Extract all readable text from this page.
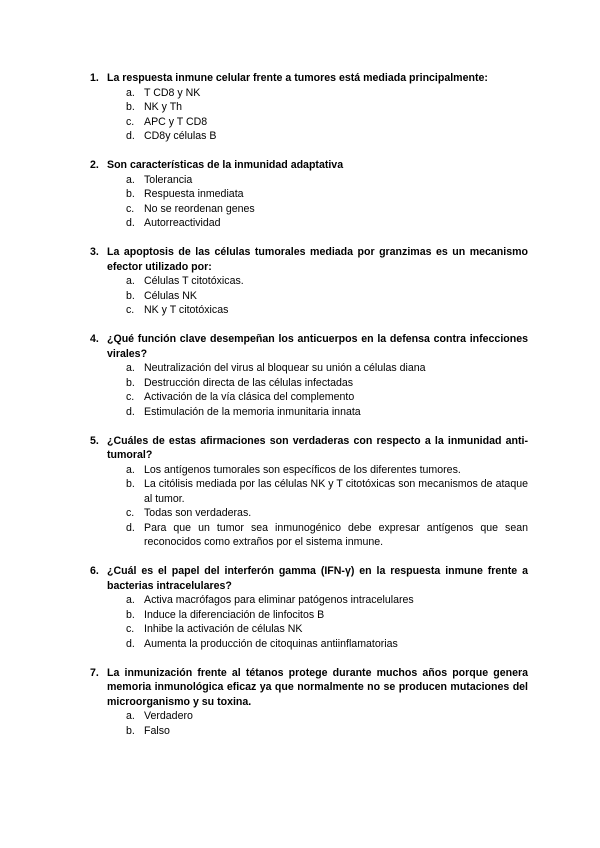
1. La respuesta inmune celular frente a tumores está mediada principalmente:
a. T CD8 y NK
b. NK y Th
c. APC y T CD8
d. CD8y células B
2. Son características de la inmunidad adaptativa
a. Tolerancia
b. Respuesta inmediata
c. No se reordenan genes
d. Autorreactividad
3. La apoptosis de las células tumorales mediada por granzimas es un mecanismo efector utilizado por:
a. Células T citotóxicas.
b. Células NK
c. NK y T citotóxicas
4. ¿Qué función clave desempeñan los anticuerpos en la defensa contra infecciones virales?
a. Neutralización del virus al bloquear su unión a células diana
b. Destrucción directa de las células infectadas
c. Activación de la vía clásica del complemento
d. Estimulación de la memoria inmunitaria innata
5. ¿Cuáles de estas afirmaciones son verdaderas con respecto a la inmunidad anti-tumoral?
a. Los antígenos tumorales son específicos de los diferentes tumores.
b. La citólisis mediada por las células NK y T citotóxicas son mecanismos de ataque al tumor.
c. Todas son verdaderas.
d. Para que un tumor sea inmunogénico debe expresar antígenos que sean reconocidos como extraños por el sistema inmune.
6. ¿Cuál es el papel del interferón gamma (IFN-γ) en la respuesta inmune frente a bacterias intracelulares?
a. Activa macrófagos para eliminar patógenos intracelulares
b. Induce la diferenciación de linfocitos B
c. Inhibe la activación de células NK
d. Aumenta la producción de citoquinas antiinflamatorias
7. La inmunización frente al tétanos protege durante muchos años porque genera memoria inmunológica eficaz ya que normalmente no se producen mutaciones del microorganismo y su toxina.
a. Verdadero
b. Falso
